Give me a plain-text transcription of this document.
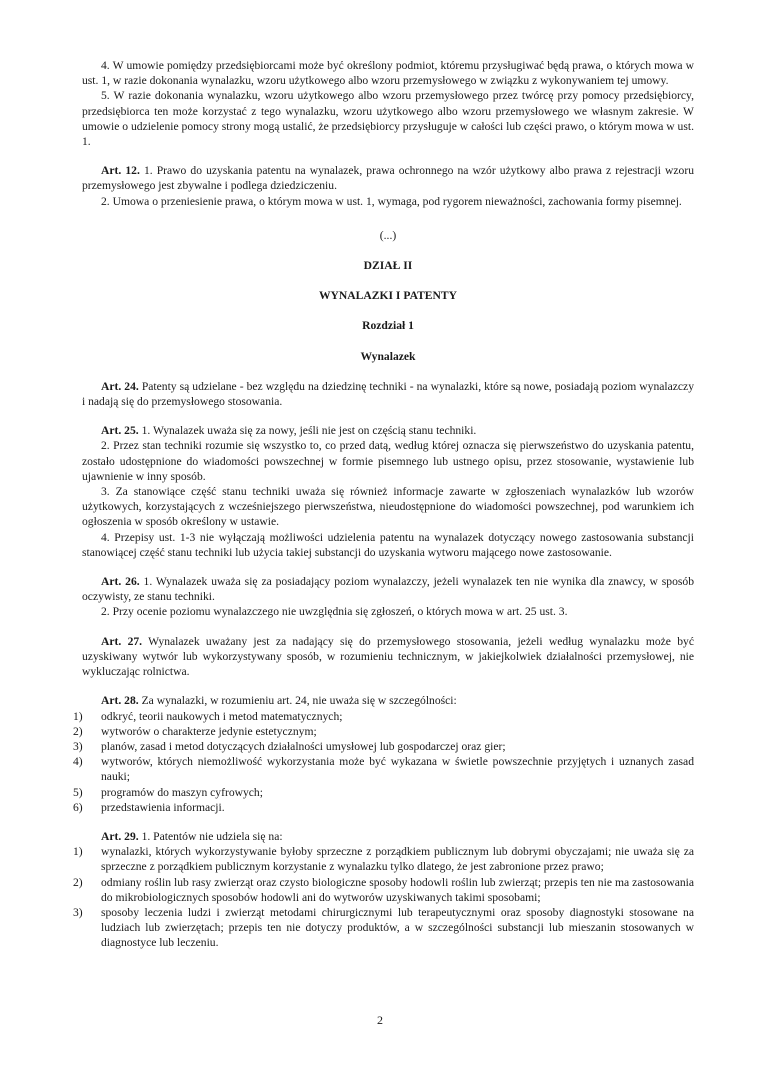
4. W umowie pomiędzy przedsiębiorcami może być określony podmiot, któremu przysługiwać będą prawa, o których mowa w ust. 1, w razie dokonania wynalazku, wzoru użytkowego albo wzoru przemysłowego w związku z wykonywaniem tej umowy.

5. W razie dokonania wynalazku, wzoru użytkowego albo wzoru przemysłowego przez twórcę przy pomocy przedsiębiorcy, przedsiębiorca ten może korzystać z tego wynalazku, wzoru użytkowego albo wzoru przemysłowego we własnym zakresie. W umowie o udzielenie pomocy strony mogą ustalić, że przedsiębiorcy przysługuje w całości lub części prawo, o którym mowa w ust. 1.

Art. 12. 1. Prawo do uzyskania patentu na wynalazek, prawa ochronnego na wzór użytkowy albo prawa z rejestracji wzoru przemysłowego jest zbywalne i podlega dziedziczeniu.

2. Umowa o przeniesienie prawa, o którym mowa w ust. 1, wymaga, pod rygorem nieważności, zachowania formy pisemnej.

(...)

DZIAŁ II

WYNALAZKI I PATENTY

Rozdział 1

Wynalazek

Art. 24. Patenty są udzielane - bez względu na dziedzinę techniki - na wynalazki, które są nowe, posiadają poziom wynalazczy i nadają się do przemysłowego stosowania.

Art. 25. 1. Wynalazek uważa się za nowy, jeśli nie jest on częścią stanu techniki.

2. Przez stan techniki rozumie się wszystko to, co przed datą, według której oznacza się pierwszeństwo do uzyskania patentu, zostało udostępnione do wiadomości powszechnej w formie pisemnego lub ustnego opisu, przez stosowanie, wystawienie lub ujawnienie w inny sposób.

3. Za stanowiące część stanu techniki uważa się również informacje zawarte w zgłoszeniach wynalazków lub wzorów użytkowych, korzystających z wcześniejszego pierwszeństwa, nieudostępnione do wiadomości powszechnej, pod warunkiem ich ogłoszenia w sposób określony w ustawie.

4. Przepisy ust. 1-3 nie wyłączają możliwości udzielenia patentu na wynalazek dotyczący nowego zastosowania substancji stanowiącej część stanu techniki lub użycia takiej substancji do uzyskania wytworu mającego nowe zastosowanie.

Art. 26. 1. Wynalazek uważa się za posiadający poziom wynalazczy, jeżeli wynalazek ten nie wynika dla znawcy, w sposób oczywisty, ze stanu techniki.

2. Przy ocenie poziomu wynalazczego nie uwzględnia się zgłoszeń, o których mowa w art. 25 ust. 3.

Art. 27. Wynalazek uważany jest za nadający się do przemysłowego stosowania, jeżeli według wynalazku może być uzyskiwany wytwór lub wykorzystywany sposób, w rozumieniu technicznym, w jakiejkolwiek działalności przemysłowej, nie wykluczając rolnictwa.

Art. 28. Za wynalazki, w rozumieniu art. 24, nie uważa się w szczególności:

1) odkryć, teorii naukowych i metod matematycznych;
2) wytworów o charakterze jedynie estetycznym;
3) planów, zasad i metod dotyczących działalności umysłowej lub gospodarczej oraz gier;
4) wytworów, których niemożliwość wykorzystania może być wykazana w świetle powszechnie przyjętych i uznanych zasad nauki;
5) programów do maszyn cyfrowych;
6) przedstawienia informacji.

Art. 29. 1. Patentów nie udziela się na:

1) wynalazki, których wykorzystywanie byłoby sprzeczne z porządkiem publicznym lub dobrymi obyczajami; nie uważa się za sprzeczne z porządkiem publicznym korzystanie z wynalazku tylko dlatego, że jest zabronione przez prawo;
2) odmiany roślin lub rasy zwierząt oraz czysto biologiczne sposoby hodowli roślin lub zwierząt; przepis ten nie ma zastosowania do mikrobiologicznych sposobów hodowli ani do wytworów uzyskiwanych takimi sposobami;
3) sposoby leczenia ludzi i zwierząt metodami chirurgicznymi lub terapeutycznymi oraz sposoby diagnostyki stosowane na ludziach lub zwierzętach; przepis ten nie dotyczy produktów, a w szczególności substancji lub mieszanin stosowanych w diagnostyce lub leczeniu.
2
